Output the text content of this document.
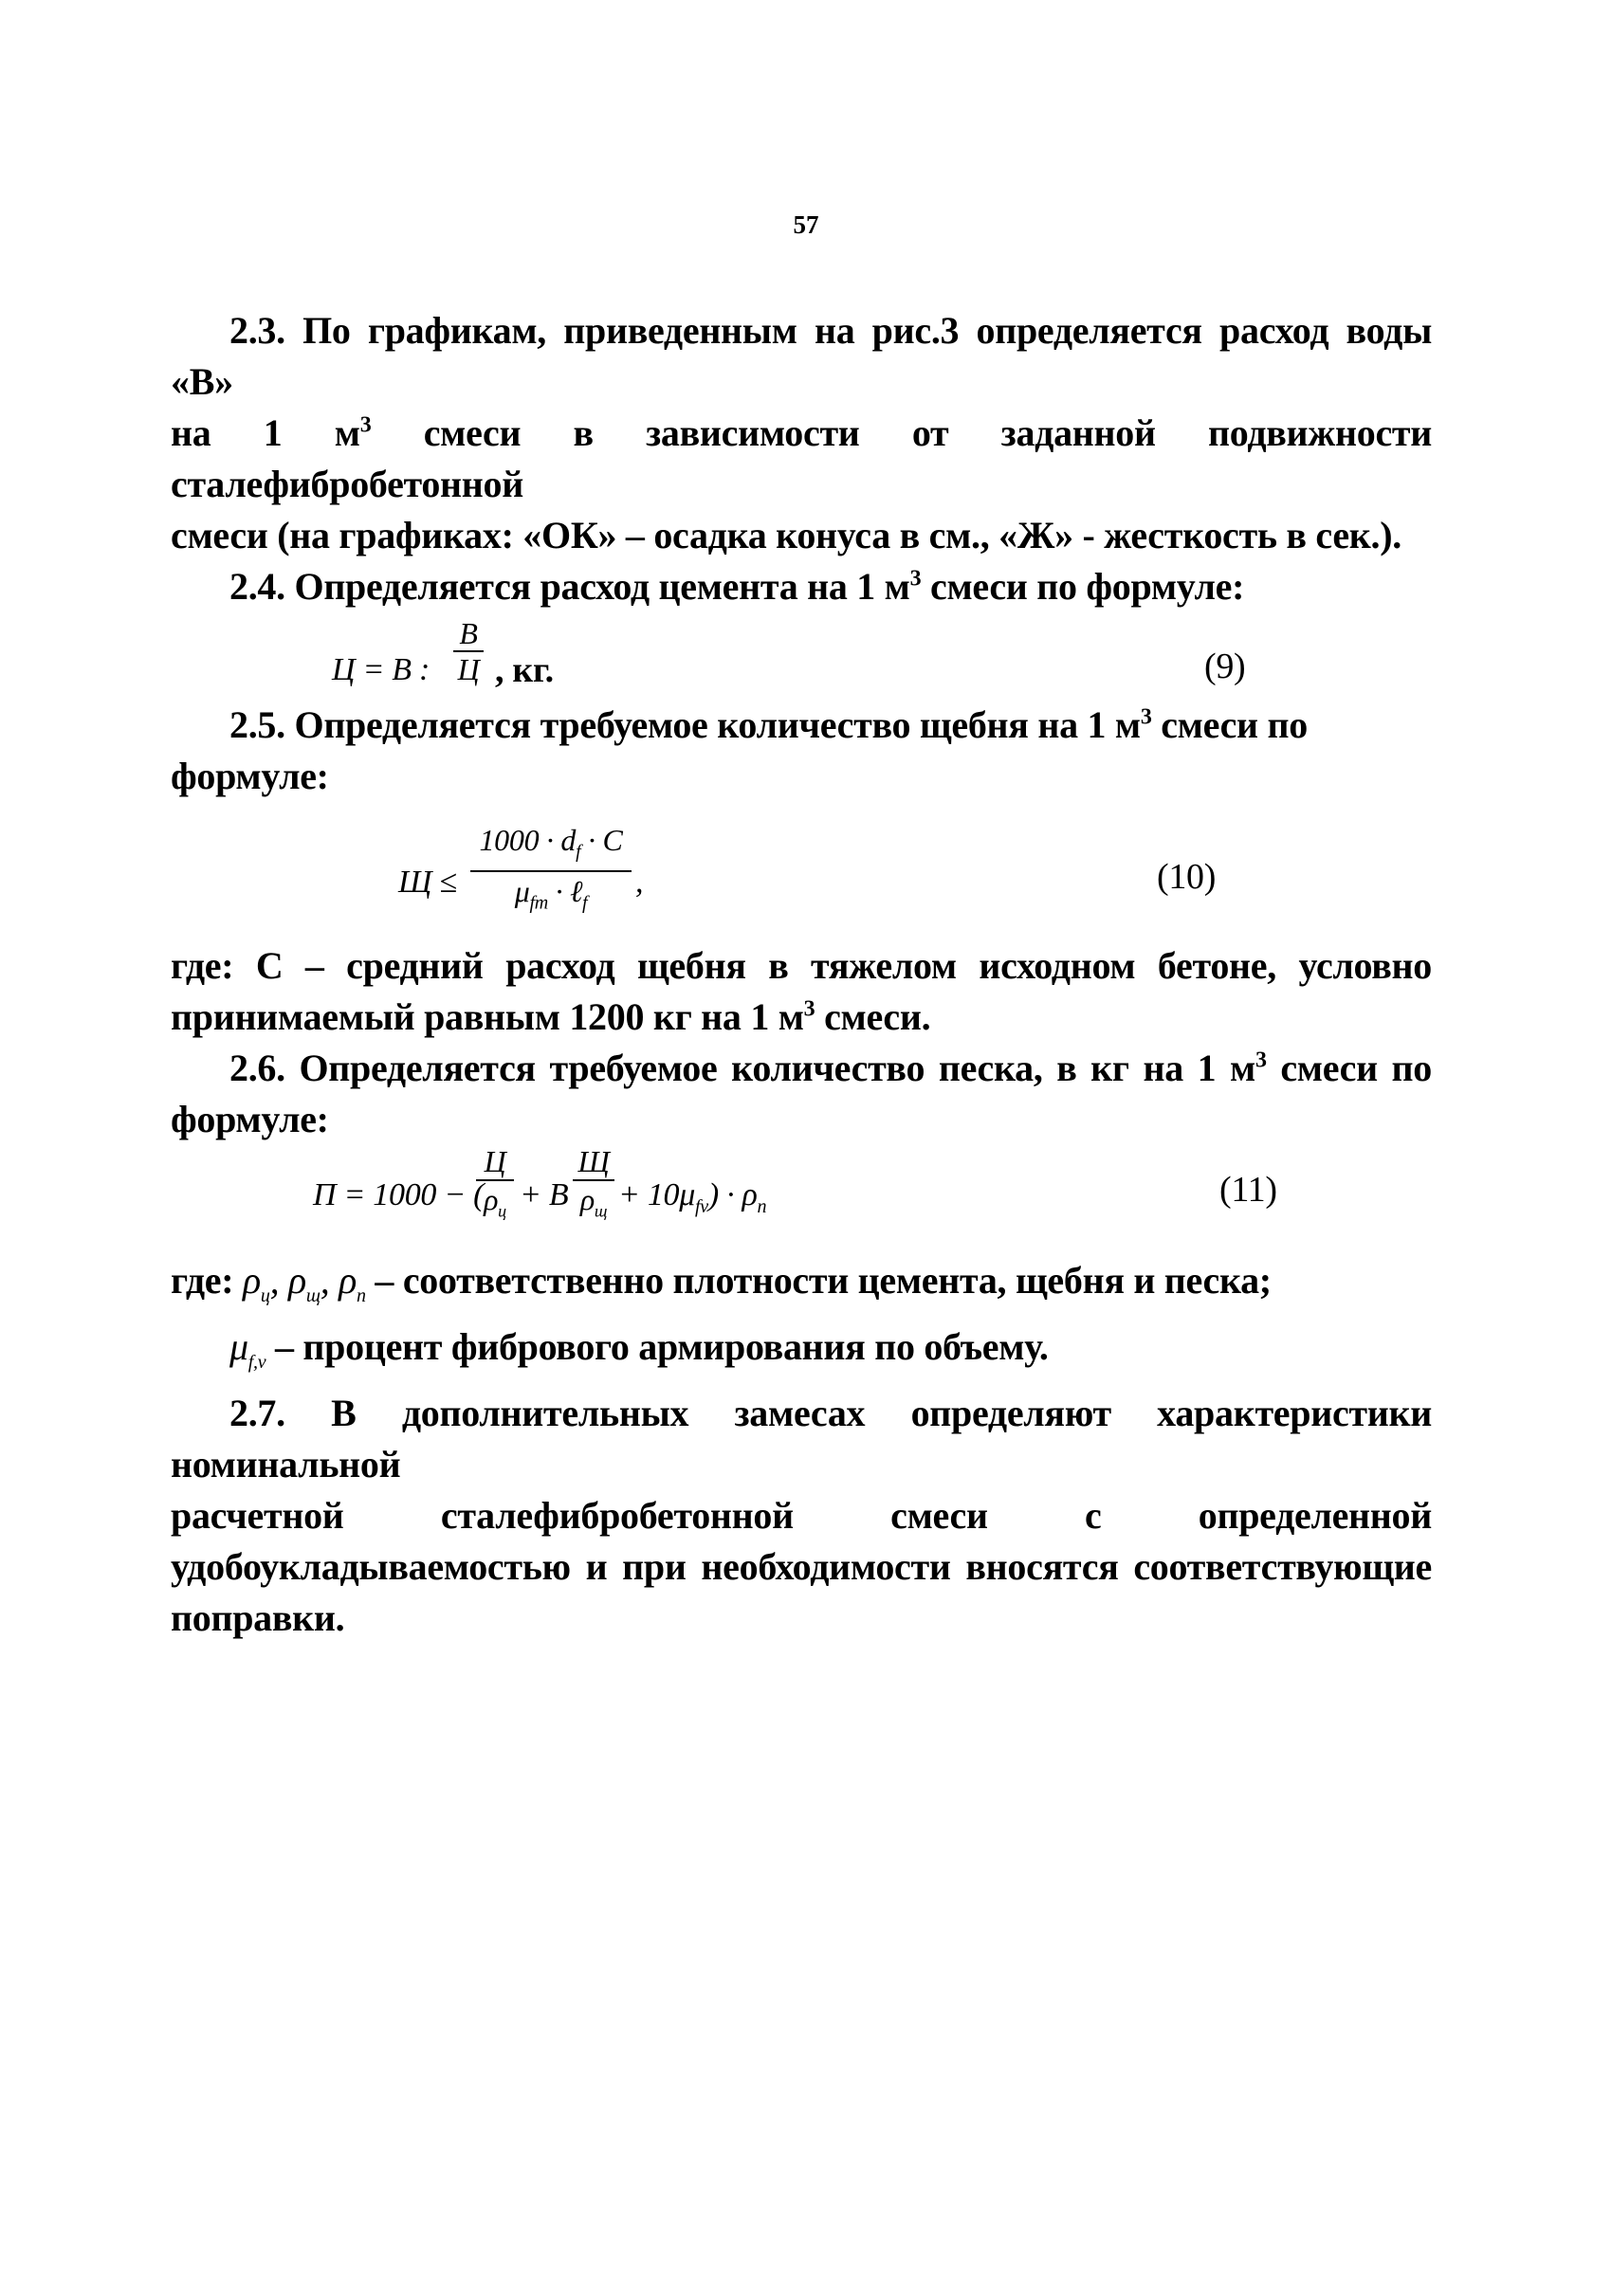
57

2.3. По графикам, приведенным на рис.3 определяется расход воды «В»

на 1 $м^3$ смеси в зависимости от заданной подвижности сталефибробетонной

смеси (на графиках: «ОК» – осадка конуса в см., «Ж» - жесткость в сек.).

2.4. Определяется расход цемента на 1 $м^3$ смеси по формуле:

Ц = В :
В
Ц , кг.	(9)

2.5. Определяется требуемое количество щебня на 1 $м^3$ смеси по формуле:

Щ ≤
$1000 \cdot d_f \cdot C$
$\mu_{fm}$ · ℓ$_f$
,	(10)

где: С – средний расход щебня в тяжелом исходном бетоне, условно

принимаемый равным 1200 кг на 1 $м^3$ смеси.

2.6. Определяется требуемое количество песка, в кг на 1 $м^3$ смеси по

формуле:

П = 1000 − (
Ц
$\rho_ц + В$
Щ
$\rho_щ + 10\mu_{fv}) \cdot \rho_п$	(11)

где: $\rho_ц$, $\rho_щ$, $\rho_п$ – соответственно плотности цемента, щебня и песка;

$\mu_{f,v}$ – процент фибрового армирования по объему.

2.7. В дополнительных замесах определяют характеристики номинальной

расчетной сталефибробетонной смеси с определенной

удобоукладываемостью и при необходимости вносятся соответствующие

поправки.
